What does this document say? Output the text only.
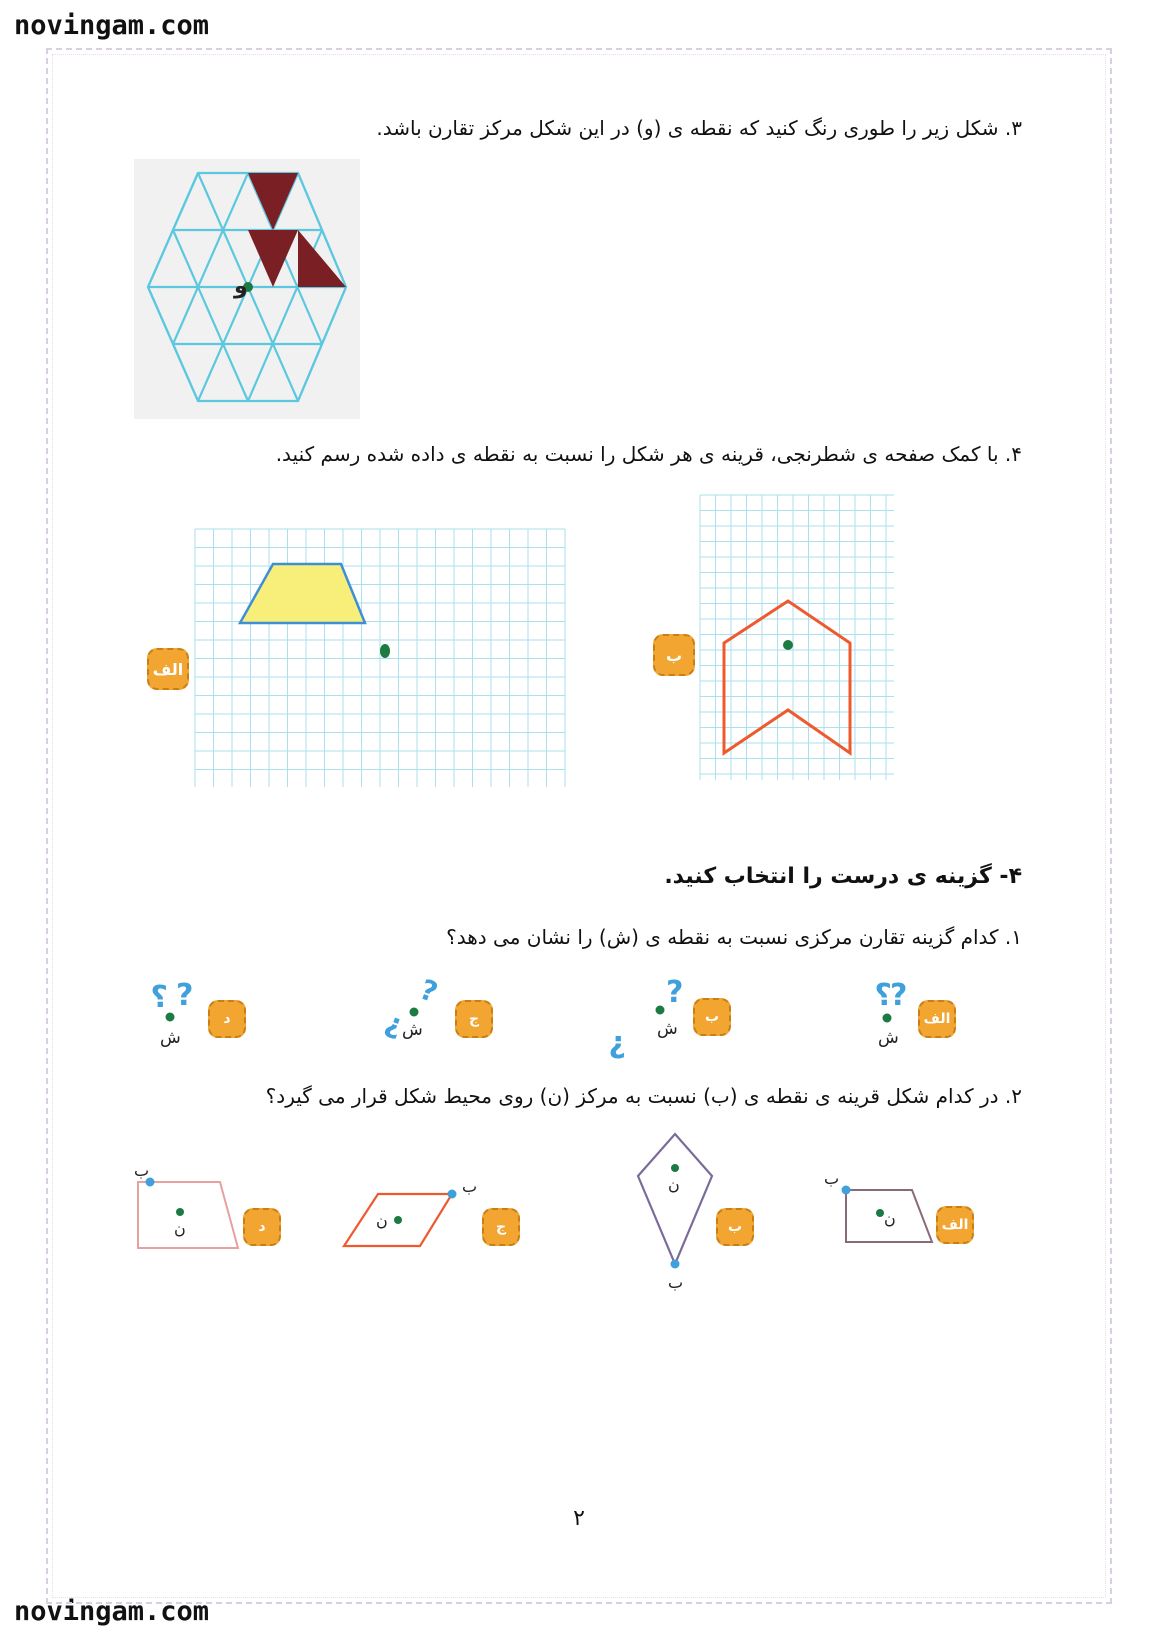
novingam.com
novingam.com
۳. شکل زیر را طوری رنگ کنید که نقطه ی (و) در این شکل مرکز تقارن باشد.
و
۴. با کمک صفحه ی شطرنجی، قرینه ی هر شکل را نسبت به نقطه ی داده شده رسم کنید.
الف
ب
۴- گزینه ی درست را انتخاب کنید.
۱. کدام گزینه تقارن مرکزی نسبت به نقطه ی (ش) را نشان می دهد؟
?
?
ش
الف
?
ش
?
ب
?
ش
?	ج
? ?
ش
د
۲. در کدام شکل قرینه ی نقطه ی (ب) نسبت به مرکز (ن) روی محیط شکل قرار می گیرد؟
ب
ن	الف
ب
ن
ب
ب
ن	ج
ب
ن	د
۲
